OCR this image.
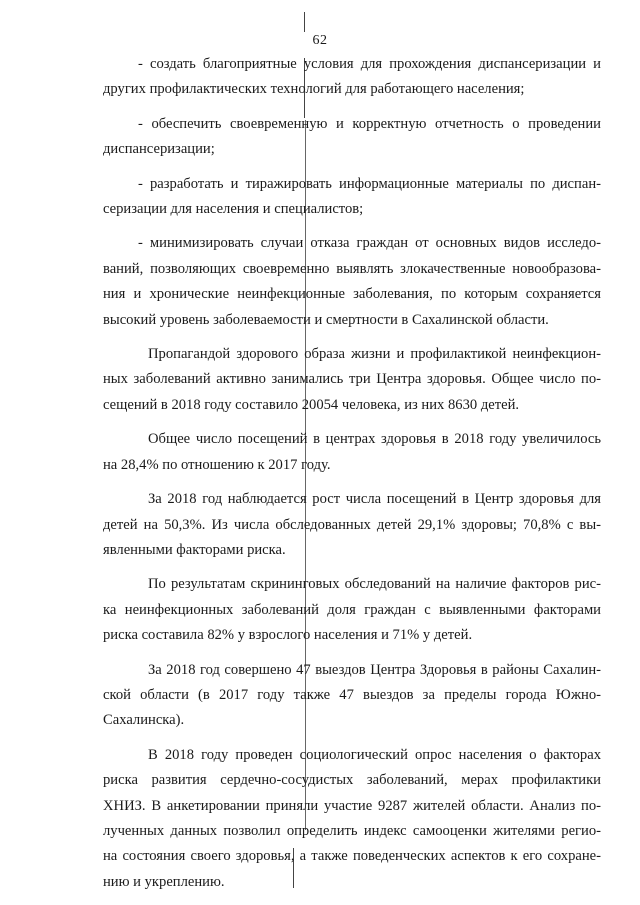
62
- создать благоприятные условия для прохождения диспансеризации и
других профилактических технологий для работающего населения;
- обеспечить своевременную и корректную отчетность о проведении
диспансеризации;
- разработать и тиражировать информационные материалы по диспан-
серизации для населения и специалистов;
- минимизировать случаи отказа граждан от основных видов исследо-
ваний, позволяющих своевременно выявлять злокачественные новообразова-
ния и хронические неинфекционные заболевания, по которым сохраняется
высокий уровень заболеваемости и смертности в Сахалинской области.
Пропагандой здорового образа жизни и профилактикой неинфекцион-
ных заболеваний активно занимались три Центра здоровья. Общее число по-
сещений в 2018 году составило 20054 человека, из них 8630 детей.
Общее число посещений в центрах здоровья в 2018 году увеличилось
на 28,4% по отношению к 2017 году.
За 2018 год наблюдается рост числа посещений в Центр здоровья для
детей на 50,3%. Из числа обследованных детей 29,1% здоровы; 70,8% с вы-
явленными факторами риска.
По результатам скрининговых обследований на наличие факторов рис-
ка неинфекционных заболеваний доля граждан с выявленными факторами
риска составила 82% у взрослого населения и 71% у детей.
За 2018 год совершено 47 выездов Центра Здоровья в районы Сахалин-
ской области (в 2017 году также 47 выездов за пределы города Южно-
Сахалинска).
В 2018 году проведен социологический опрос населения о факторах
риска развития сердечно-сосудистых заболеваний, мерах профилактики
ХНИЗ. В анкетировании приняли участие 9287 жителей области. Анализ по-
лученных данных позволил определить индекс самооценки жителями регио-
на состояния своего здоровья, а также поведенческих аспектов к его сохране-
нию и укреплению.
